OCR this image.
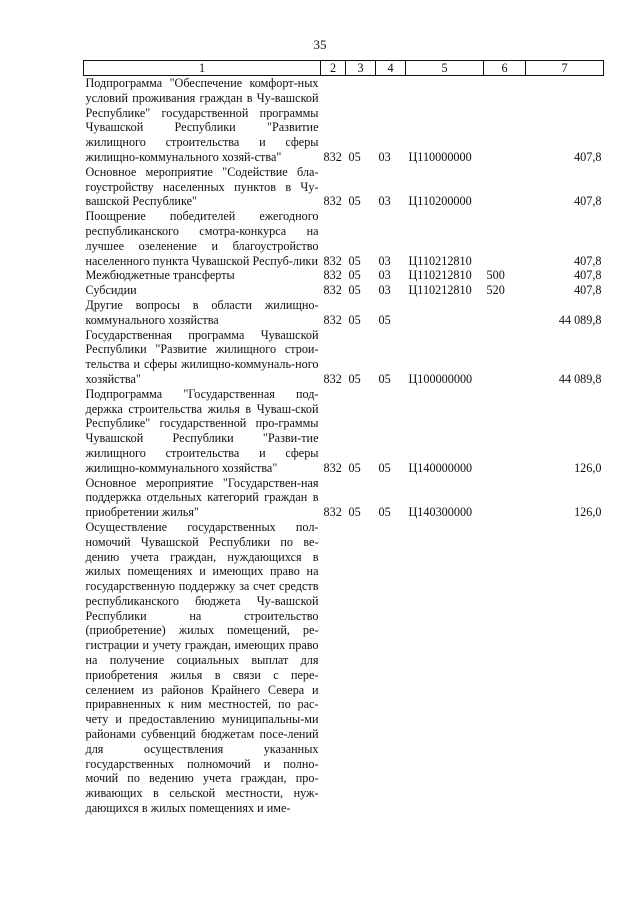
35
1	2	3	4	5	6	7
Подпрограмма "Обеспечение комфорт-ных условий проживания граждан в Чу-вашской Республике" государственной программы Чувашской Республики "Развитие жилищного строительства и сферы жилищно-коммунального хозяй-ства"	832	05	03	Ц110000000		407,8
Основное мероприятие "Содействие бла-гоустройству населенных пунктов в Чу-вашской Республике"	832	05	03	Ц110200000		407,8
Поощрение победителей ежегодного республиканского смотра-конкурса на лучшее озеленение и благоустройство населенного пункта Чувашской Респуб-лики	832	05	03	Ц110212810		407,8
Межбюджетные трансферты	832	05	03	Ц110212810	500	407,8
Субсидии	832	05	03	Ц110212810	520	407,8
Другие вопросы в области жилищно-коммунального хозяйства	832	05	05			44 089,8
Государственная программа Чувашской Республики "Развитие жилищного строи-тельства и сферы жилищно-коммуналь-ного хозяйства"	832	05	05	Ц100000000		44 089,8
Подпрограмма "Государственная под-держка строительства жилья в Чуваш-ской Республике" государственной про-граммы Чувашской Республики "Разви-тие жилищного строительства и сферы жилищно-коммунального хозяйства"	832	05	05	Ц140000000		126,0
Основное мероприятие "Государствен-ная поддержка отдельных категорий граждан в приобретении жилья"	832	05	05	Ц140300000		126,0
Осуществление государственных пол-номочий Чувашской Республики по ве-дению учета граждан, нуждающихся в жилых помещениях и имеющих право на государственную поддержку за счет средств республиканского бюджета Чу-вашской Республики на строительство (приобретение) жилых помещений, ре-гистрации и учету граждан, имеющих право на получение социальных выплат для приобретения жилья в связи с пере-селением из районов Крайнего Севера и приравненных к ним местностей, по рас-чету и предоставлению муниципальны-ми районами субвенций бюджетам посе-лений для осуществления указанных государственных полномочий и полно-мочий по ведению учета граждан, про-живающих в сельской местности, нуж-дающихся в жилых помещениях и име-						
